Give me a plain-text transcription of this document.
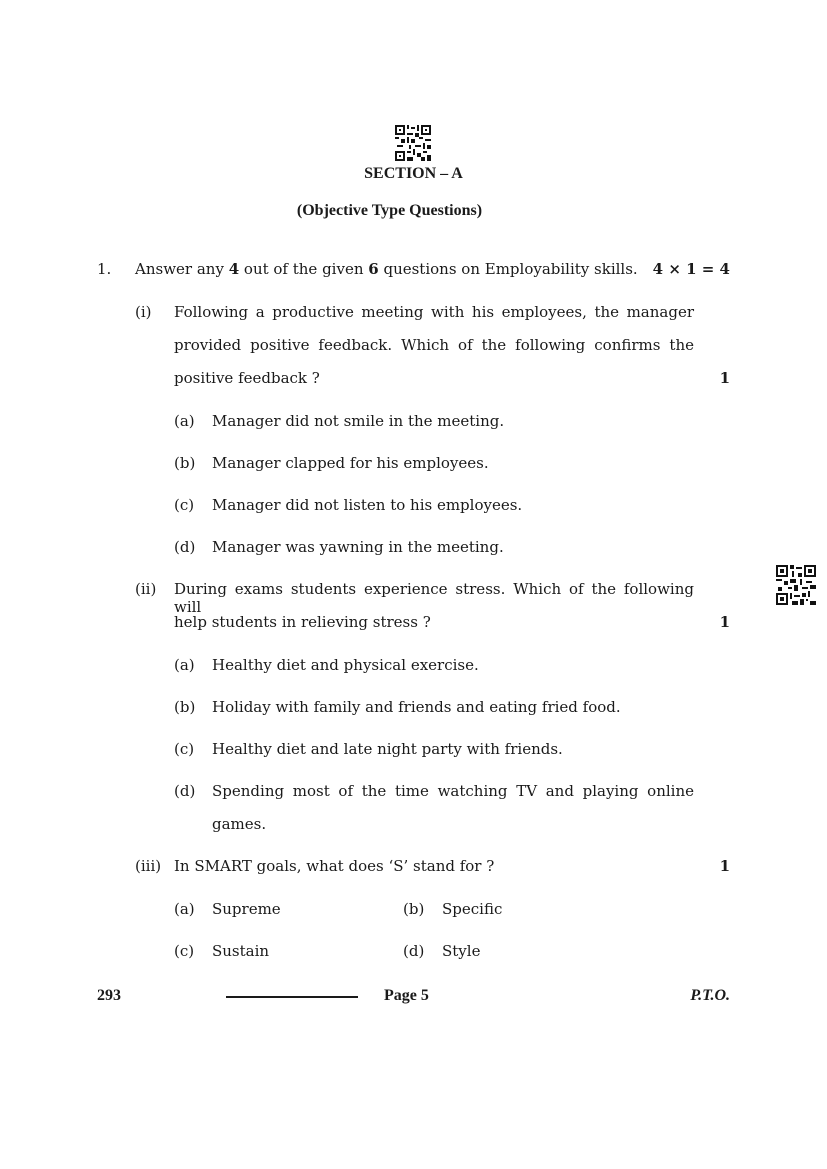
SECTION – A
(Objective Type Questions)
1. Answer any 4 out of the given 6 questions on Employability skills. 4 × 1 = 4
(i) Following a productive meeting with his employees, the manager
provided positive feedback. Which of the following confirms the
positive feedback ?	1
(a) Manager did not smile in the meeting.
(b) Manager clapped for his employees.
(c) Manager did not listen to his employees.
(d) Manager was yawning in the meeting.
(ii) During exams students experience stress. Which of the following will
help students in relieving stress ?	1
(a) Healthy diet and physical exercise.
(b) Holiday with family and friends and eating fried food.
(c) Healthy diet and late night party with friends.
(d) Spending most of the time watching TV and playing online
games.
(iii) In SMART goals, what does ‘S’ stand for ?	1
(a) Supreme	(b) Specific
(c) Sustain	(d) Style
293	Page 5	P.T.O.
